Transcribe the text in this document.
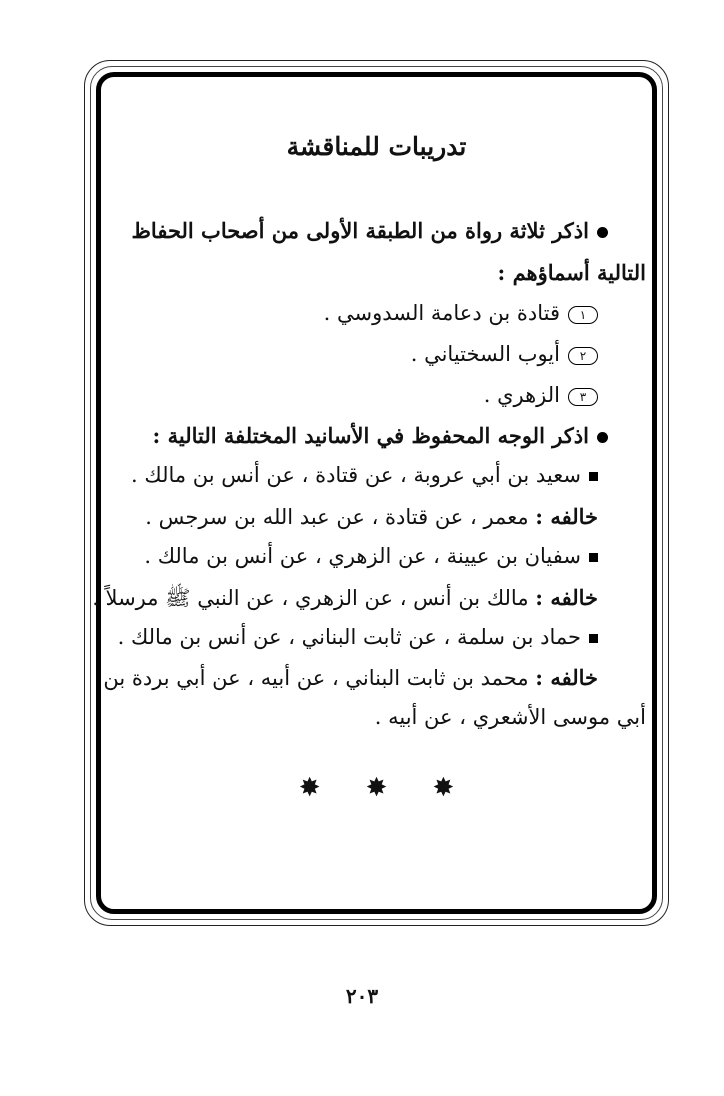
تدريبات للمناقشة
اذكر ثلاثة رواة من الطبقة الأولى من أصحاب الحفاظ
التالية أسماؤهم :
١قتادة بن دعامة السدوسي .
٢أيوب السختياني .
٣الزهري .
اذكر الوجه المحفوظ في الأسانيد المختلفة التالية :
سعيد بن أبي عروبة ، عن قتادة ، عن أنس بن مالك .
خالفه : معمر ، عن قتادة ، عن عبد الله بن سرجس .
سفيان بن عيينة ، عن الزهري ، عن أنس بن مالك .
خالفه : مالك بن أنس ، عن الزهري ، عن النبي ﷺ مرسلاً .
حماد بن سلمة ، عن ثابت البناني ، عن أنس بن مالك .
خالفه : محمد بن ثابت البناني ، عن أبيه ، عن أبي بردة بن
أبي موسى الأشعري ، عن أبيه .
✸ ✸ ✸
٢٠٣
